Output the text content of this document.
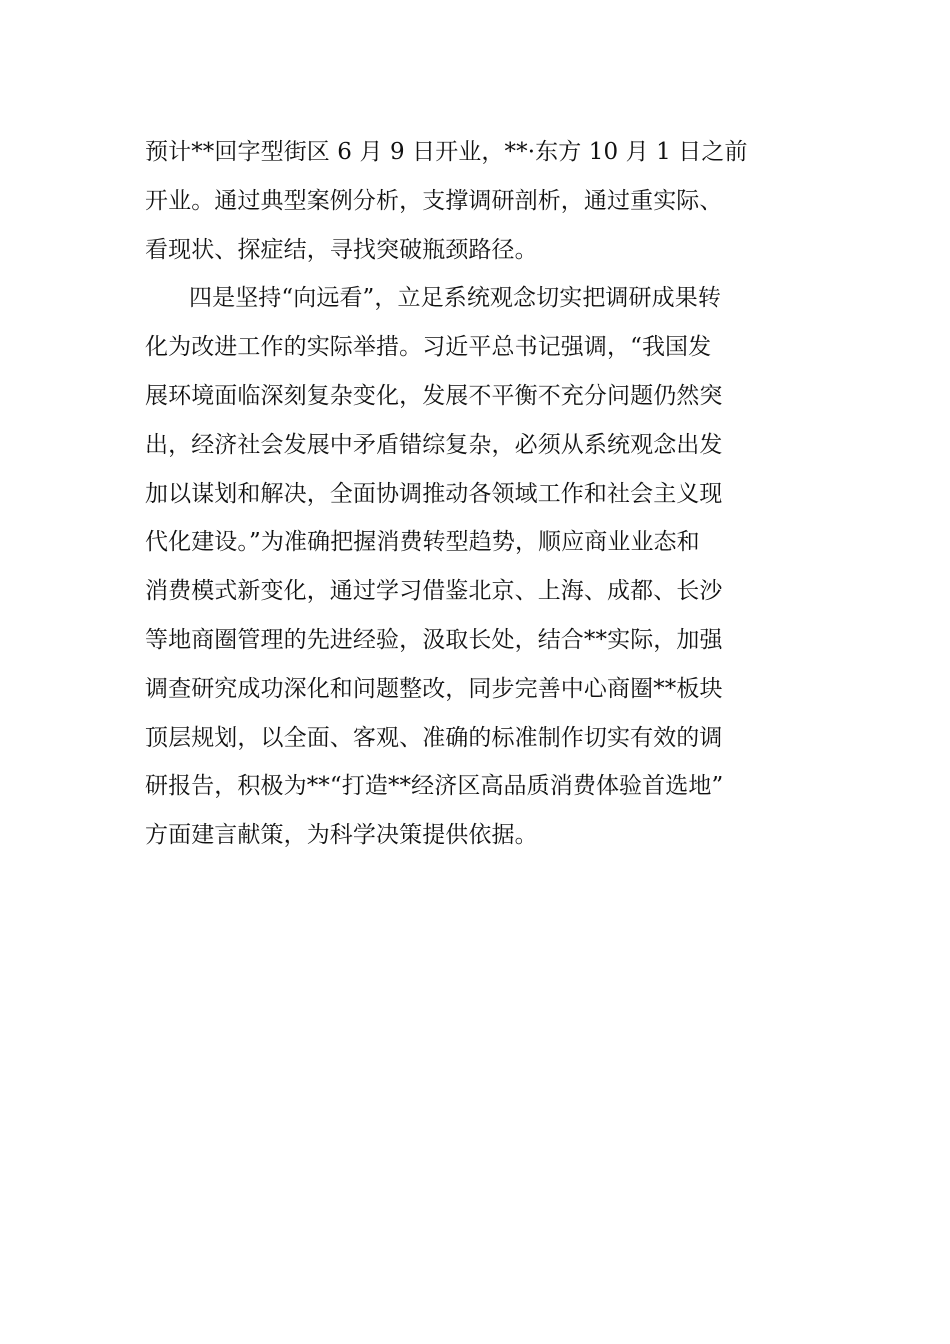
预计**回字型街区 6 月 9 日开业，**·东方 10 月 1 日之前
开业。通过典型案例分析，支撑调研剖析，通过重实际、
看现状、探症结，寻找突破瓶颈路径。
四是坚持“向远看”，立足系统观念切实把调研成果转
化为改进工作的实际举措。习近平总书记强调，“我国发
展环境面临深刻复杂变化，发展不平衡不充分问题仍然突
出，经济社会发展中矛盾错综复杂，必须从系统观念出发
加以谋划和解决，全面协调推动各领域工作和社会主义现
代化建设。”为准确把握消费转型趋势，顺应商业业态和
消费模式新变化，通过学习借鉴北京、上海、成都、长沙
等地商圈管理的先进经验，汲取长处，结合**实际，加强
调查研究成功深化和问题整改，同步完善中心商圈**板块
顶层规划，以全面、客观、准确的标准制作切实有效的调
研报告，积极为**“打造**经济区高品质消费体验首选地”
方面建言献策，为科学决策提供依据。
